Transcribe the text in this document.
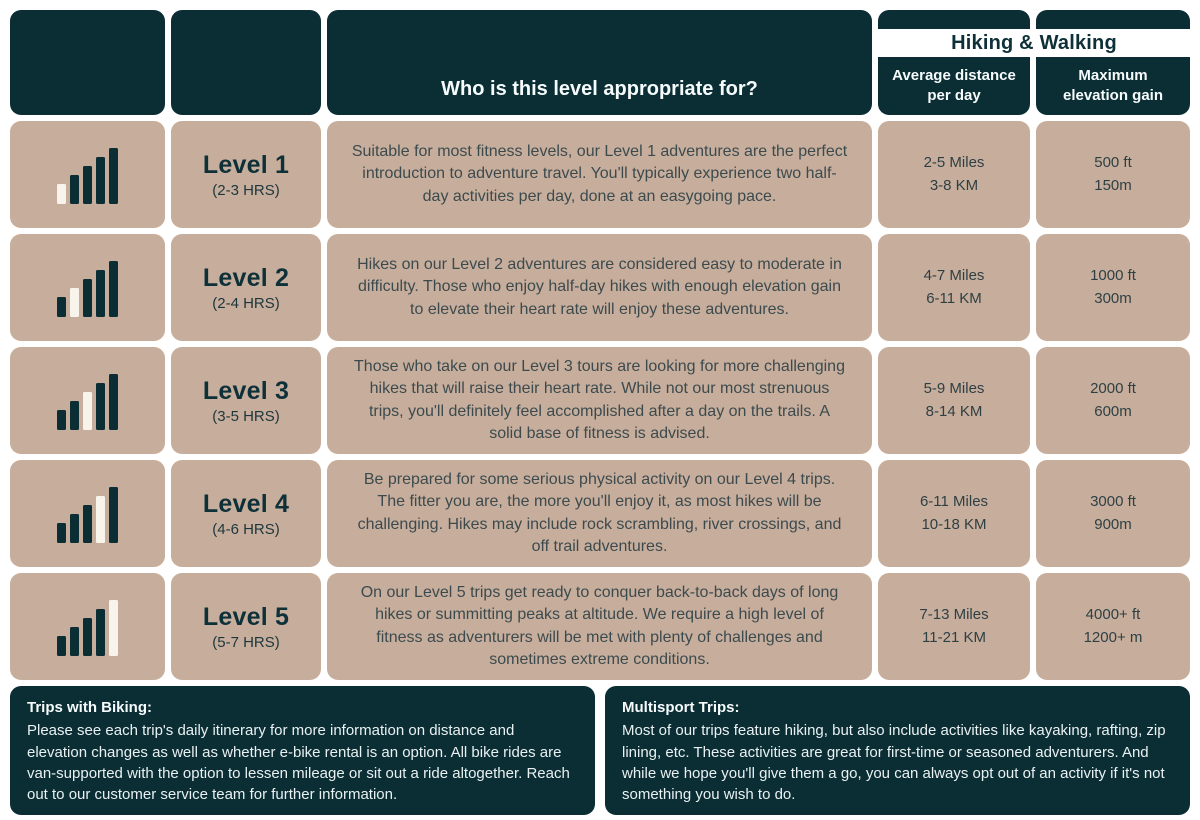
Who is this level appropriate for?
Average distance
per day
Maximum
elevation gain
Hiking & Walking
Level 1
(2-3 HRS)

Suitable for most fitness levels, our Level 1 adventures are the perfect introduction to adventure travel. You'll typically experience two half-day activities per day, done at an easygoing pace.

2-5 Miles
3-8 KM
500 ft
150m
Level 2
(2-4 HRS)

Hikes on our Level 2 adventures are considered easy to moderate in difficulty. Those who enjoy half-day hikes with enough elevation gain to elevate their heart rate will enjoy these adventures.

4-7 Miles
6-11 KM
1000 ft
300m
Level 3
(3-5 HRS)

Those who take on our Level 3 tours are looking for more challenging hikes that will raise their heart rate. While not our most strenuous trips, you'll definitely feel accomplished after a day on the trails. A solid base of fitness is advised.

5-9 Miles
8-14 KM
2000 ft
600m
Level 4
(4-6 HRS)

Be prepared for some serious physical activity on our Level 4 trips. The fitter you are, the more you'll enjoy it, as most hikes will be challenging. Hikes may include rock scrambling, river crossings, and off trail adventures.

6-11 Miles
10-18 KM
3000 ft
900m
Level 5
(5-7 HRS)

On our Level 5 trips get ready to conquer back-to-back days of long hikes or summitting peaks at altitude. We require a high level of fitness as adventurers will be met with plenty of challenges and sometimes extreme conditions.

7-13 Miles
11-21 KM
4000+ ft
1200+ m
Trips with Biking:
Please see each trip's daily itinerary for more information on distance and elevation changes as well as whether e-bike rental is an option. All bike rides are van-supported with the option to lessen mileage or sit out a ride altogether. Reach out to our customer service team for further information.
Multisport Trips:
Most of our trips feature hiking, but also include activities like kayaking, rafting, zip lining, etc. These activities are great for first-time or seasoned adventurers. And while we hope you'll give them a go, you can always opt out of an activity if it's not something you wish to do.
